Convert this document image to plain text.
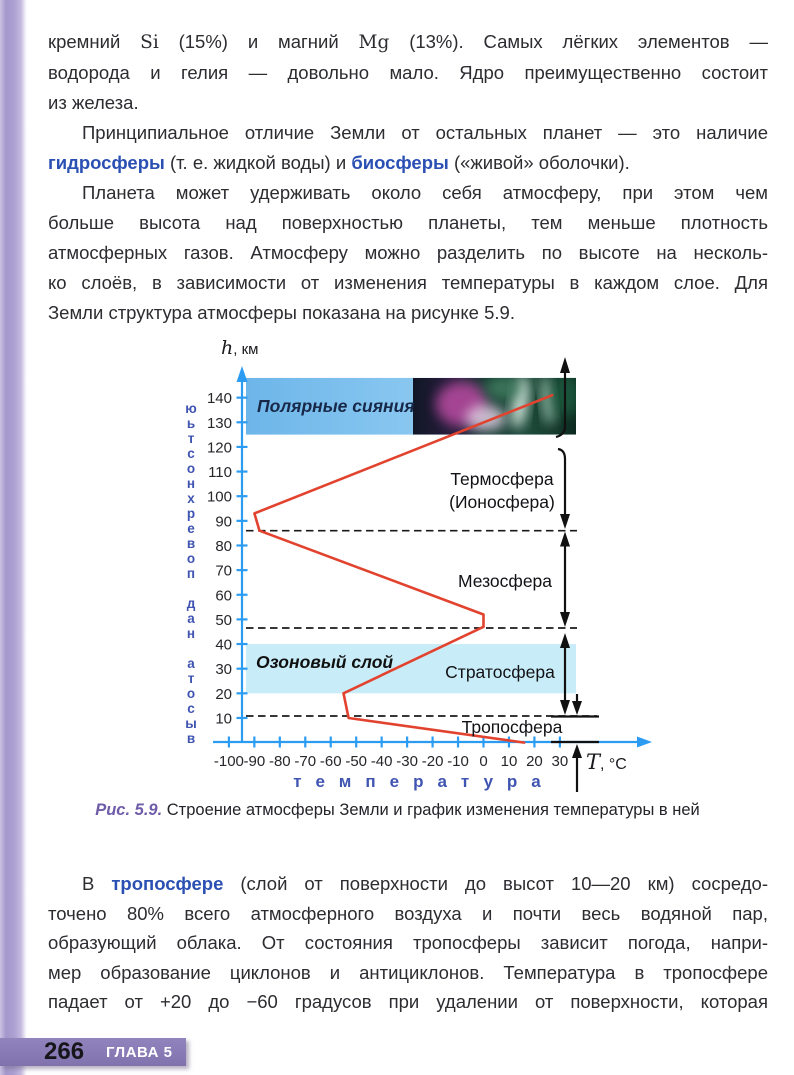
кремний Si (15%) и магний Mg (13%). Самых лёгких элементов —
водорода и гелия — довольно мало. Ядро преимущественно состоит
из железа.
Принципиальное отличие Земли от остальных планет — это наличие
гидросферы (т. е. жидкой воды) и биосферы («живой» оболочки).
Планета может удерживать около себя атмосферу, при этом чем
больше высота над поверхностью планеты, тем меньше плотность
атмосферных газов. Атмосферу можно разделить по высоте на несколь-
ко слоёв, в зависимости от изменения температуры в каждом слое. Для
Земли структура атмосферы показана на рисунке 5.9.
-100 -90 -80 -70 -60 -50 -40 -30 -20 -10 0 10 20 30
10
20
30
40
50
60
70
80
90
100
110
120
130
140
ю
ь
т
с
о
н
х
р
е
в
о
п
д
а
н
а
т
о
с
ы
в
Полярные сияния
Озоновый слой
Термосфера
(Ионосфера)
Мезосфера
Стратосфера
Тропосфера
h, км
T, °C
температура
Рис. 5.9. Строение атмосферы Земли и график изменения температуры в ней
В тропосфере (слой от поверхности до высот 10—20 км) сосредо-
точено 80% всего атмосферного воздуха и почти весь водяной пар,
образующий облака. От состояния тропосферы зависит погода, напри-
мер образование циклонов и антициклонов. Температура в тропосфере
падает от +20 до −60 градусов при удалении от поверхности, которая
266 ГЛАВА 5
